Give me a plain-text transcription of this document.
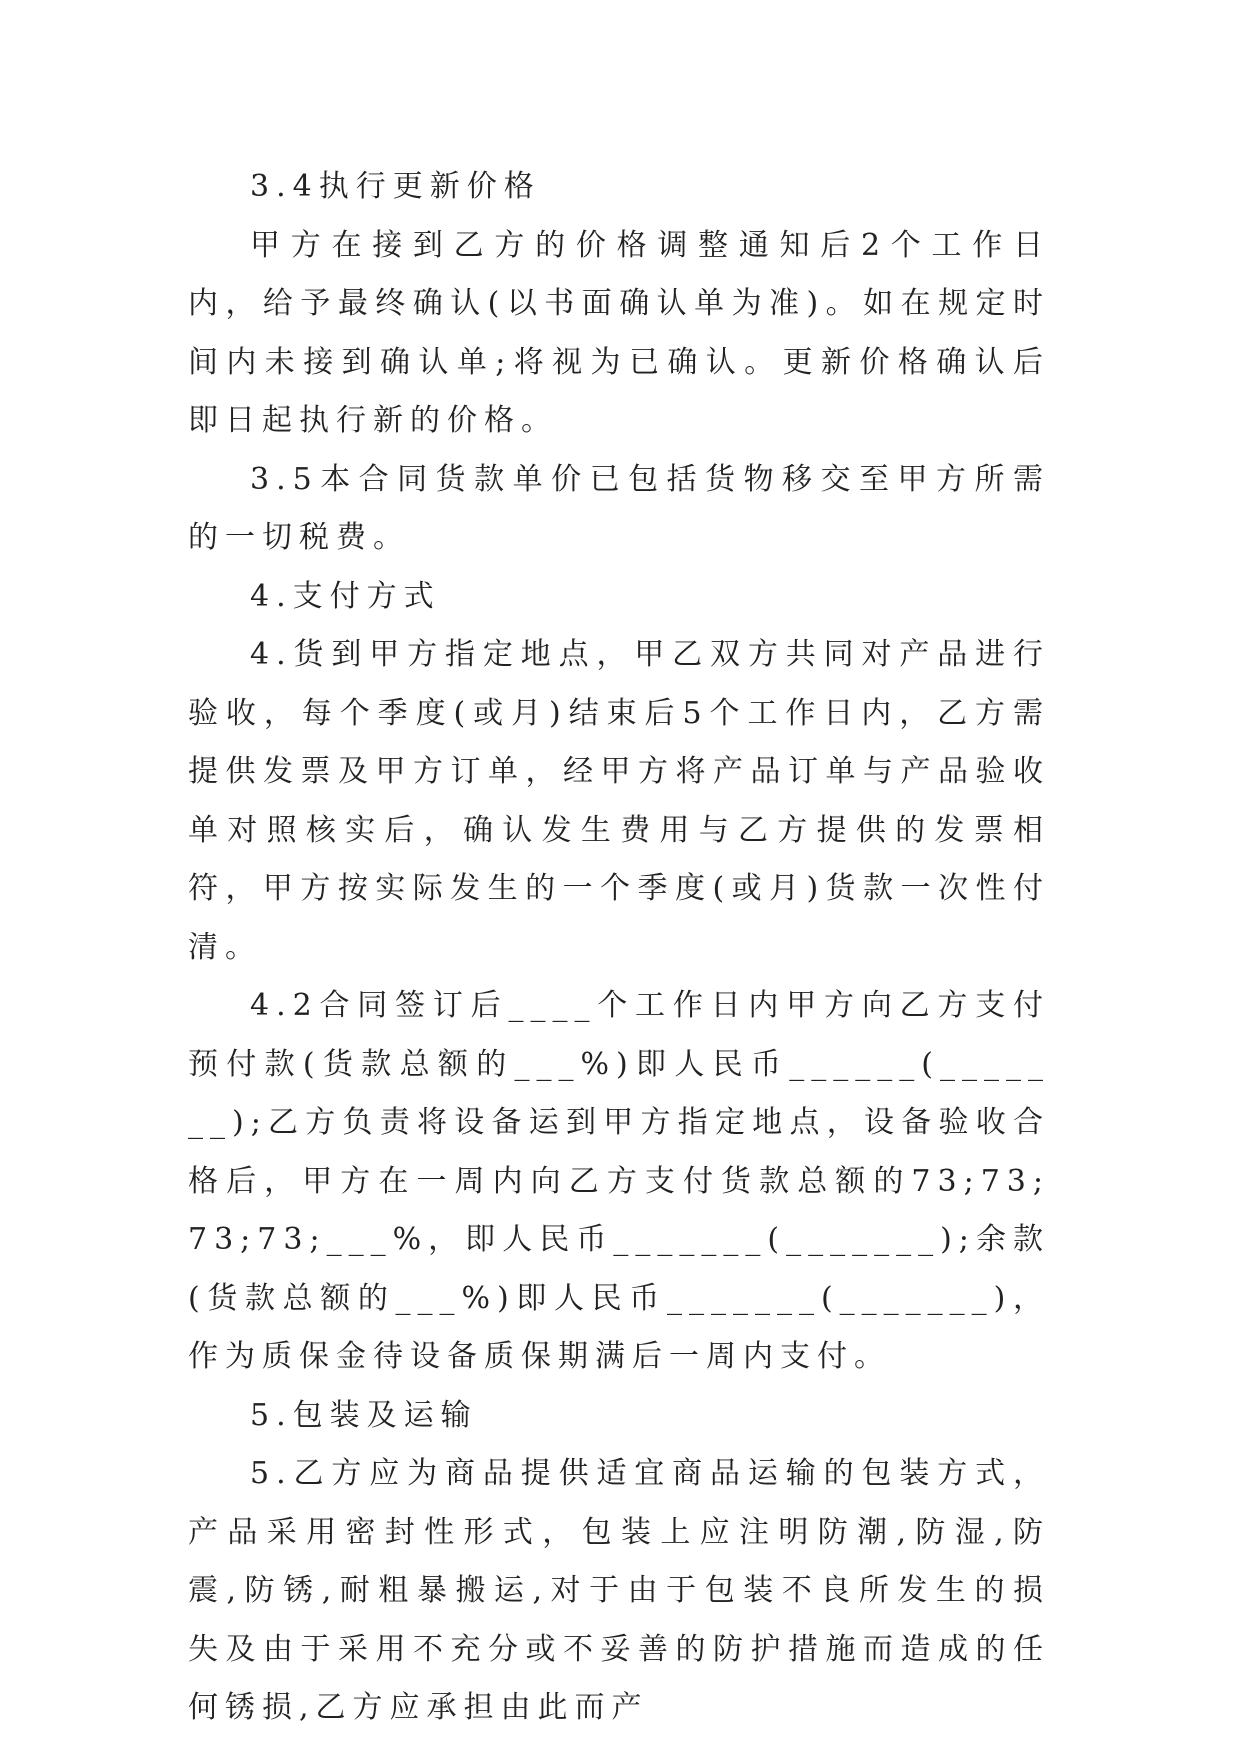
3.4执行更新价格

甲方在接到乙方的价格调整通知后2个工作日内，给予最终确认(以书面确认单为准)。如在规定时间内未接到确认单;将视为已确认。更新价格确认后即日起执行新的价格。

3.5本合同货款单价已包括货物移交至甲方所需的一切税费。

4.支付方式

4.货到甲方指定地点，甲乙双方共同对产品进行验收，每个季度(或月)结束后5个工作日内，乙方需提供发票及甲方订单，经甲方将产品订单与产品验收单对照核实后，确认发生费用与乙方提供的发票相符，甲方按实际发生的一个季度(或月)货款一次性付清。

4.2合同签订后____个工作日内甲方向乙方支付预付款(货款总额的___%)即人民币______(_______);乙方负责将设备运到甲方指定地点，设备验收合格后，甲方在一周内向乙方支付货款总额的73;73;73;73;___%，即人民币_______(_______);余款(货款总额的___%)即人民币_______(_______)，作为质保金待设备质保期满后一周内支付。

5.包装及运输

5.乙方应为商品提供适宜商品运输的包装方式，产品采用密封性形式，包装上应注明防潮,防湿,防震,防锈,耐粗暴搬运,对于由于包装不良所发生的损失及由于采用不充分或不妥善的防护措施而造成的任何锈损,乙方应承担由此而产
